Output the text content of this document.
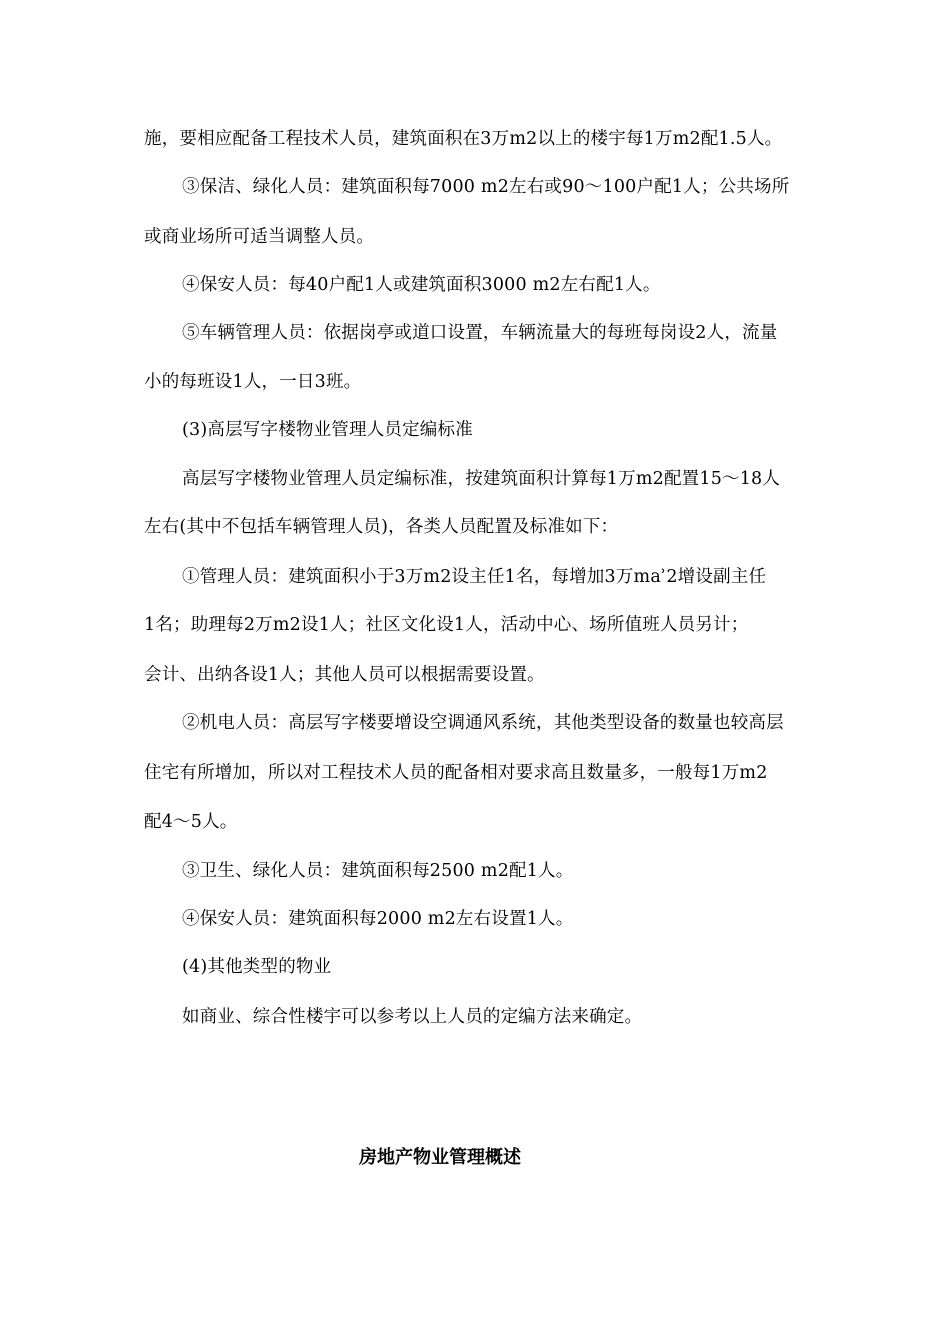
施，要相应配备工程技术人员，建筑面积在3万m2以上的楼宇每1万m2配1.5人。
③保洁、绿化人员：建筑面积每7000 m2左右或90～100户配1人；公共场所
或商业场所可适当调整人员。
④保安人员：每40户配1人或建筑面积3000 m2左右配1人。
⑤车辆管理人员：依据岗亭或道口设置，车辆流量大的每班每岗设2人，流量
小的每班设1人，一日3班。
(3)高层写字楼物业管理人员定编标准
高层写字楼物业管理人员定编标准，按建筑面积计算每1万m2配置15～18人
左右(其中不包括车辆管理人员)，各类人员配置及标准如下：
①管理人员：建筑面积小于3万m2设主任1名，每增加3万mẚ2增设副主任
1名；助理每2万m2设1人；社区文化设1人，活动中心、场所值班人员另计；
会计、出纳各设1人；其他人员可以根据需要设置。
②机电人员：高层写字楼要增设空调通风系统，其他类型设备的数量也较高层
住宅有所增加，所以对工程技术人员的配备相对要求高且数量多，一般每1万m2
配4～5人。
③卫生、绿化人员：建筑面积每2500 m2配1人。
④保安人员：建筑面积每2000 m2左右设置1人。
(4)其他类型的物业
如商业、综合性楼宇可以参考以上人员的定编方法来确定。
房地产物业管理概述
